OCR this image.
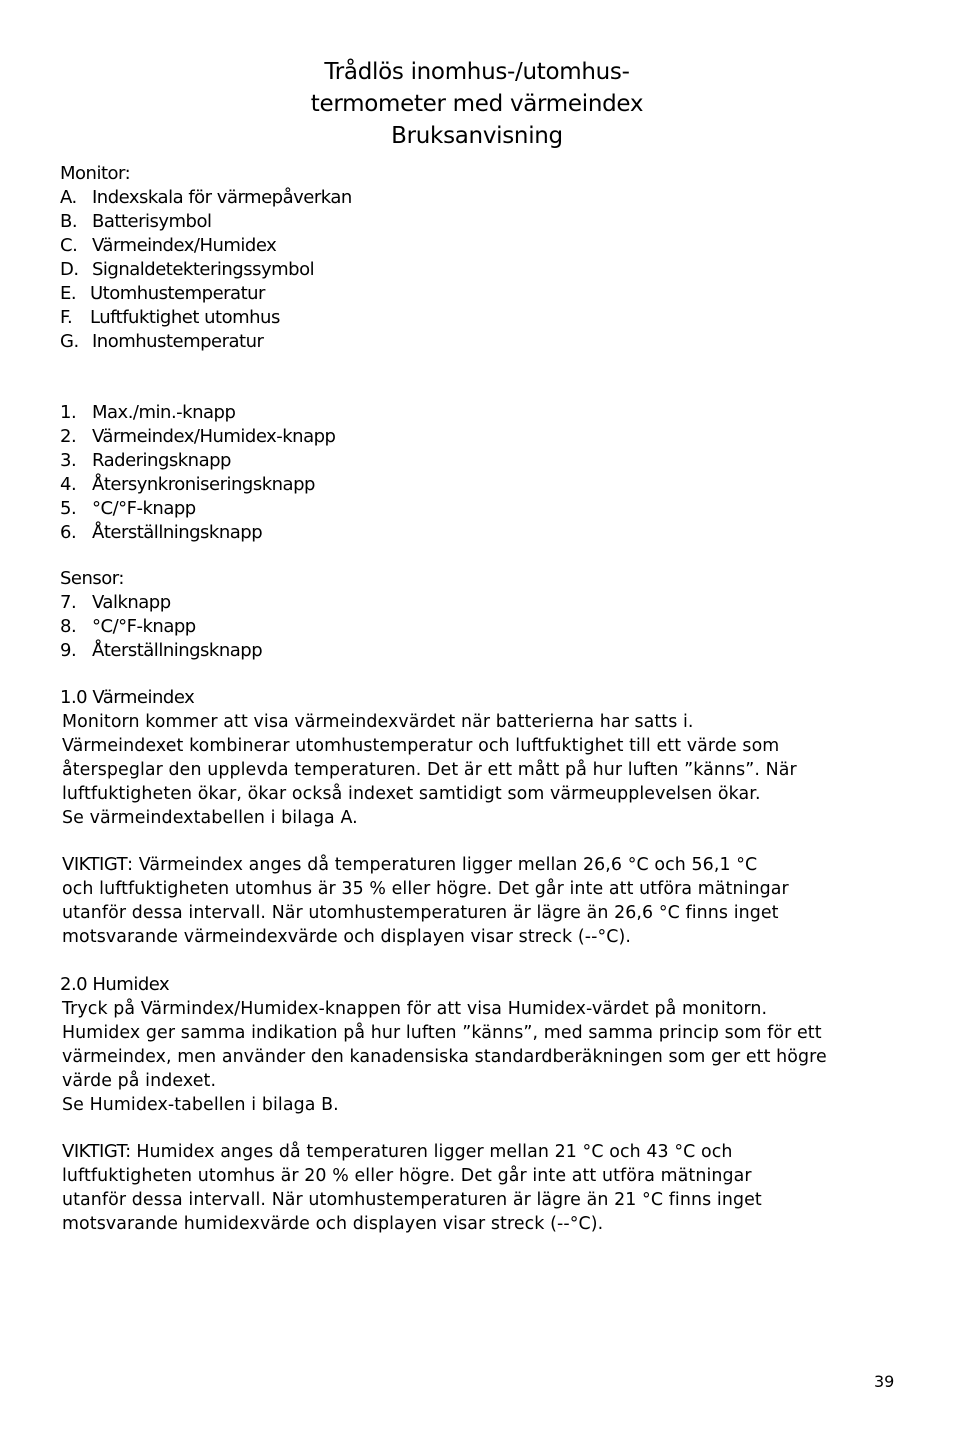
Trådlös inomhus-/utomhus-
termometer med värmeindex
Bruksanvisning
Monitor:
A. Indexskala för värmepåverkan
B. Batterisymbol
C. Värmeindex/Humidex
D. Signaldetekteringssymbol
E. Utomhustemperatur
F. Luftfuktighet utomhus
G. Inomhustemperatur
1. Max./min.-knapp
2. Värmeindex/Humidex-knapp
3. Raderingsknapp
4. Återsynkroniseringsknapp
5. °C/°F-knapp
6. Återställningsknapp
Sensor:
7. Valknapp
8. °C/°F-knapp
9. Återställningsknapp
1.0 Värmeindex
Monitorn kommer att visa värmeindexvärdet när batterierna har satts i.
Värmeindexet kombinerar utomhustemperatur och luftfuktighet till ett värde som
återspeglar den upplevda temperaturen. Det är ett mått på hur luften ”känns”. När
luftfuktigheten ökar, ökar också indexet samtidigt som värmeupplevelsen ökar.
Se värmeindextabellen i bilaga A.
VIKTIGT: Värmeindex anges då temperaturen ligger mellan 26,6 °C och 56,1 °C
och luftfuktigheten utomhus är 35 % eller högre. Det går inte att utföra mätningar
utanför dessa intervall. När utomhustemperaturen är lägre än 26,6 °C finns inget
motsvarande värmeindexvärde och displayen visar streck (--°C).
2.0 Humidex
Tryck på Värmindex/Humidex-knappen för att visa Humidex-värdet på monitorn.
Humidex ger samma indikation på hur luften ”känns”, med samma princip som för ett
värmeindex, men använder den kanadensiska standardberäkningen som ger ett högre
värde på indexet.
Se Humidex-tabellen i bilaga B.
VIKTIGT: Humidex anges då temperaturen ligger mellan 21 °C och 43 °C och
luftfuktigheten utomhus är 20 % eller högre. Det går inte att utföra mätningar
utanför dessa intervall. När utomhustemperaturen är lägre än 21 °C finns inget
motsvarande humidexvärde och displayen visar streck (--°C).
39
